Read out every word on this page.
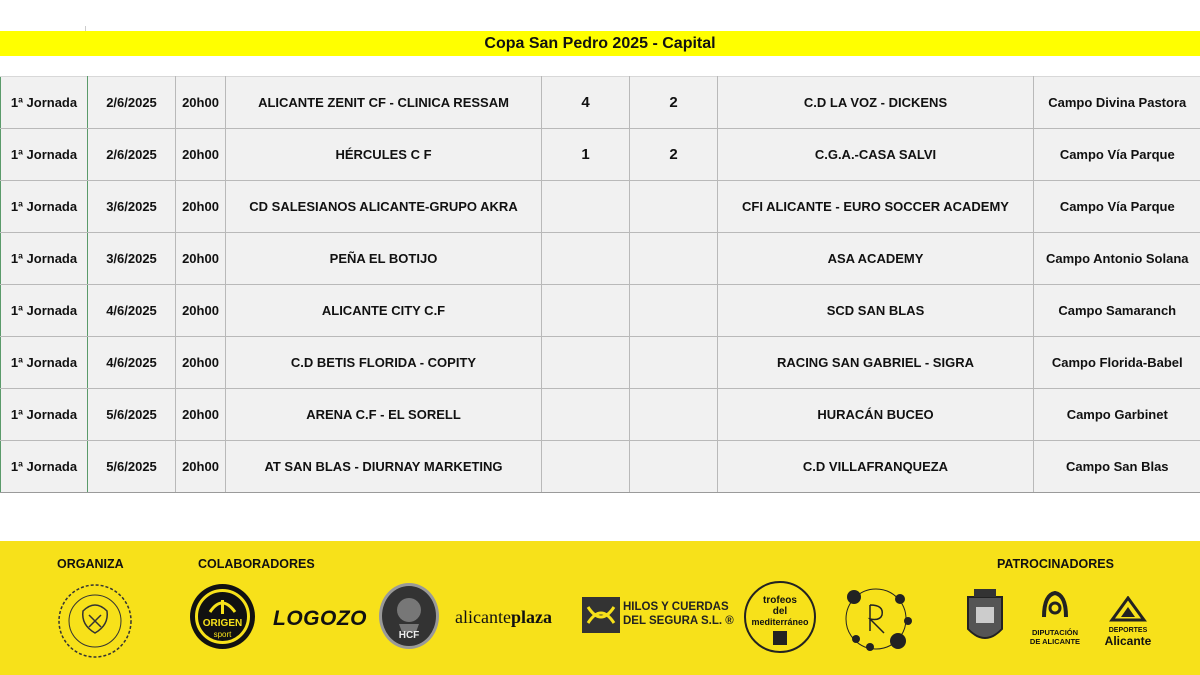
Copa San Pedro 2025 - Capital
1ª Jornada	2/6/2025	20h00	ALICANTE ZENIT CF - CLINICA RESSAM	4	2	C.D LA VOZ - DICKENS	Campo Divina Pastora
1ª Jornada	2/6/2025	20h00	HÉRCULES C F	1	2	C.G.A.-CASA SALVI	Campo Vía Parque
1ª Jornada	3/6/2025	20h00	CD SALESIANOS ALICANTE-GRUPO AKRA			CFI ALICANTE - EURO SOCCER ACADEMY	Campo Vía Parque
1ª Jornada	3/6/2025	20h00	PEÑA EL BOTIJO			ASA ACADEMY	Campo Antonio Solana
1ª Jornada	4/6/2025	20h00	ALICANTE CITY C.F			SCD SAN BLAS	Campo Samaranch
1ª Jornada	4/6/2025	20h00	C.D BETIS FLORIDA - COPITY			RACING SAN GABRIEL - SIGRA	Campo Florida-Babel
1ª Jornada	5/6/2025	20h00	ARENA C.F - EL SORELL			HURACÁN BUCEO	Campo Garbinet
1ª Jornada	5/6/2025	20h00	AT SAN BLAS - DIURNAY MARKETING			C.D VILLAFRANQUEZA	Campo San Blas
ORGANIZA	COLABORADORES	PATROCINADORES
ORIGEN
sport
LOGOZO
HCF
alicanteplaza	HILOS Y CUERDAS
DEL SEGURA S.L. ®
trofeos
del
mediterráneo
DIPUTACIÓN
DE ALICANTE
DEPORTES
Alicante
